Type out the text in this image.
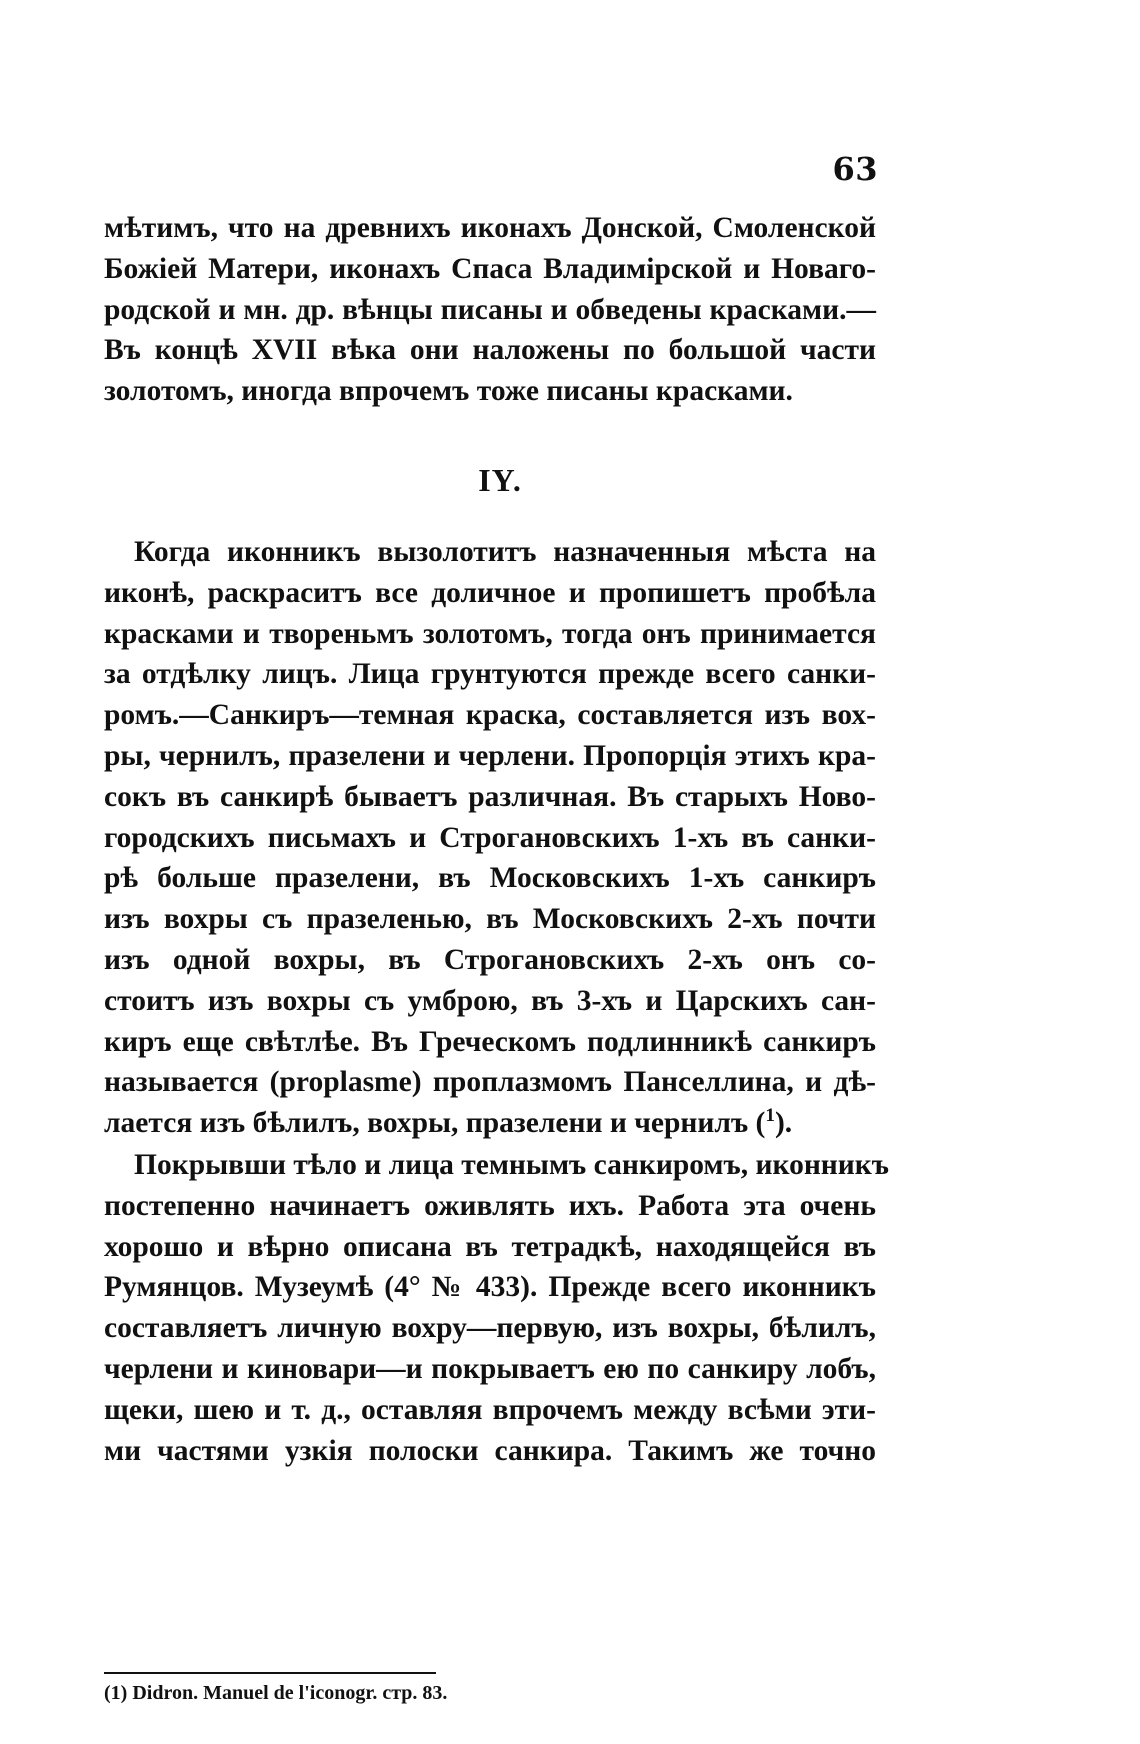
63
мѣтимъ, что на древнихъ иконахъ Донской, Смоленской
Божіей Матери, иконахъ Спаса Владимірской и Новаго-
родской и мн. др. вѣнцы писаны и обведены красками.—
Въ концѣ XVII вѣка они наложены по большой части
золотомъ, иногда впрочемъ тоже писаны красками.
IY.
Когда иконникъ вызолотитъ назначенныя мѣста на
иконѣ, раскраситъ все доличное и пропишетъ пробѣла
красками и твореньмъ золотомъ, тогда онъ принимается
за отдѣлку лицъ. Лица грунтуются прежде всего санки-
ромъ.—Санкиръ—темная краска, составляется изъ вох-
ры, чернилъ, празелени и черлени. Пропорція этихъ кра-
сокъ въ санкирѣ бываетъ различная. Въ старыхъ Ново-
городскихъ письмахъ и Строгановскихъ 1-хъ въ санки-
рѣ больше празелени, въ Московскихъ 1-хъ санкиръ
изъ вохры съ празеленью, въ Московскихъ 2-хъ почти
изъ одной вохры, въ Строгановскихъ 2-хъ онъ со-
стоитъ изъ вохры съ умброю, въ 3-хъ и Царскихъ сан-
киръ еще свѣтлѣе. Въ Греческомъ подлинникѣ санкиръ
называется (proplasme) проплазмомъ Панселлина, и дѣ-
лается изъ бѣлилъ, вохры, празелени и чернилъ ($^1$).
Покрывши тѣло и лица темнымъ санкиромъ, иконникъ
постепенно начинаетъ оживлять ихъ. Работа эта очень
хорошо и вѣрно описана въ тетрадкѣ, находящейся въ
Румянцов. Музеумѣ (4° № 433). Прежде всего иконникъ
составляетъ личную вохру—первую, изъ вохры, бѣлилъ,
черлени и киновари—и покрываетъ ею по санкиру лобъ,
щеки, шею и т. д., оставляя впрочемъ между всѣми эти-
ми частями узкія полоски санкира. Такимъ же точно
(1) Didron. Manuel de l'iconogr. стр. 83.
